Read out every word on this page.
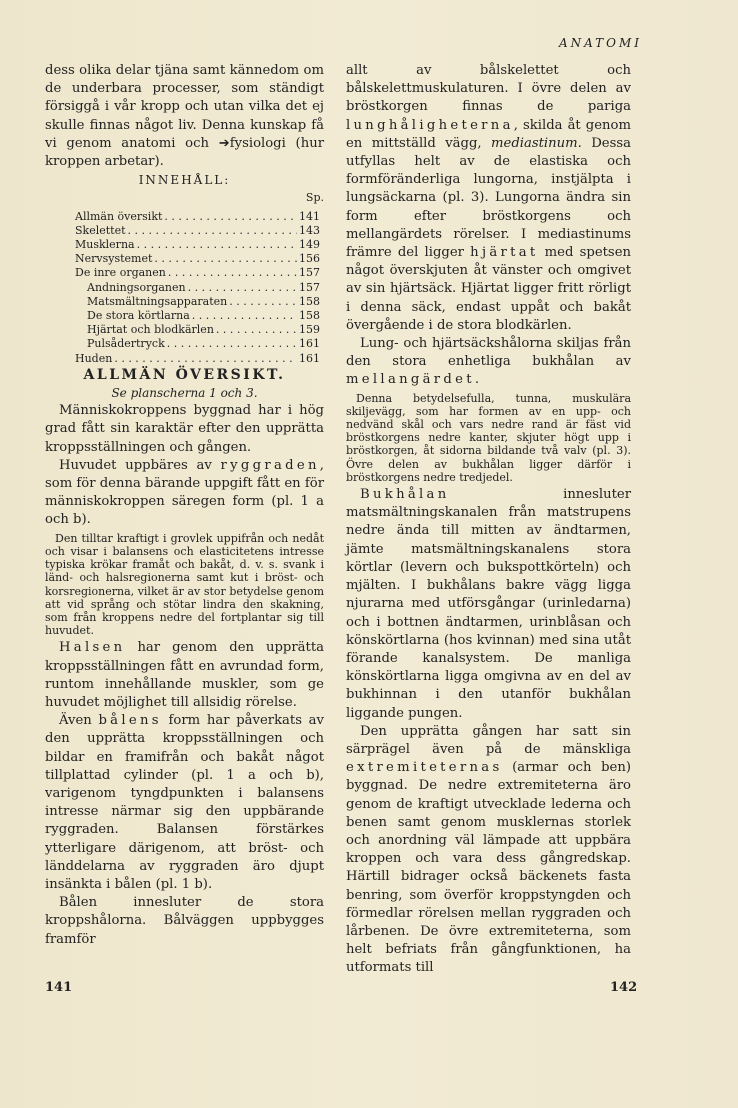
ANATOMI

dess olika delar tjäna samt kännedom om de underbara processer, som ständigt försiggå i vår kropp och utan vilka det ej skulle finnas något liv. Denna kunskap få vi genom anatomi och ➔fysiologi (hur kroppen arbetar).

INNEHÅLL:

Sp.

Allmän översikt . . .	141
Skelettet . . .	143
Musklerna . . .	149
Nervsystemet . . .	156
De inre organen . . .	157
Andningsorganen . . .	157
Matsmältningsapparaten . . .	158
De stora körtlarna . . .	158
Hjärtat och blodkärlen . . .	159
Pulsådertryck . . .	161
Huden . . .	161

ALLMÄN ÖVERSIKT.

Se planscherna 1 och 3.

Människokroppens byggnad har i hög grad fått sin karaktär efter den upprätta kroppsställningen och gången.

Huvudet uppbäres av ryggraden, som för denna bärande uppgift fått en för människokroppen säregen form (pl. 1 a och b).

Den tilltar kraftigt i grovlek uppifrån och nedåt och visar i balansens och elasticitetens intresse typiska krökar framåt och bakåt, d. v. s. svank i länd- och halsregionerna samt kut i bröst- och korsregionerna, vilket är av stor betydelse genom att vid språng och stötar lindra den skakning, som från kroppens nedre del fortplantar sig till huvudet.

Halsen har genom den upprätta kroppsställningen fått en avrundad form, runtom innehållande muskler, som ge huvudet möjlighet till allsidig rörelse.

Även bålens form har påverkats av den upprätta kroppsställningen och bildar en framifrån och bakåt något tillplattad cylinder (pl. 1 a och b), varigenom tyngdpunkten i balansens intresse närmar sig den uppbärande ryggraden. Balansen förstärkes ytterligare därigenom, att bröst- och länddelarna av ryggraden äro djupt insänkta i bålen (pl. 1 b).

Bålen innesluter de stora kroppshålorna. Bålväggen uppbygges framför

allt av bålskelettet och bålskelettmuskulaturen. I övre delen av bröstkorgen finnas de pariga lunghåligheterna, skilda åt genom en mittställd vägg, mediastinum. Dessa utfyllas helt av de elastiska och formföränderliga lungorna, instjälpta i lungsäckarna (pl. 3). Lungorna ändra sin form efter bröstkorgens och mellangärdets rörelser. I mediastinums främre del ligger hjärtat med spetsen något överskjuten åt vänster och omgivet av sin hjärtsäck. Hjärtat ligger fritt rörligt i denna säck, endast uppåt och bakåt övergående i de stora blodkärlen.

Lung- och hjärtsäckshålorna skiljas från den stora enhetliga bukhålan av mellangärdet.

Denna betydelsefulla, tunna, muskulära skiljevägg, som har formen av en upp- och nedvänd skål och vars nedre rand är fäst vid bröstkorgens nedre kanter, skjuter högt upp i bröstkorgen, åt sidorna bildande två valv (pl. 3). Övre delen av bukhålan ligger därför i bröstkorgens nedre tredjedel.

Bukhålan innesluter matsmältningskanalen från matstrupens nedre ända till mitten av ändtarmen, jämte matsmältningskanalens stora körtlar (levern och bukspottkörteln) och mjälten. I bukhålans bakre vägg ligga njurarna med utförsgångar (urinledarna) och i bottnen ändtarmen, urinblåsan och könskörtlarna (hos kvinnan) med sina utåt förande kanalsystem. De manliga könskörtlarna ligga omgivna av en del av bukhinnan i den utanför bukhålan liggande pungen.

Den upprätta gången har satt sin särprägel även på de mänskliga extremiteternas (armar och ben) byggnad. De nedre extremiteterna äro genom de kraftigt utvecklade lederna och benen samt genom musklernas storlek och anordning väl lämpade att uppbära kroppen och vara dess gångredskap. Härtill bidrager också bäckenets fasta benring, som överför kroppstyngden och förmedlar rörelsen mellan ryggraden och lårbenen. De övre extremiteterna, som helt befriats från gångfunktionen, ha utformats till

141	142
